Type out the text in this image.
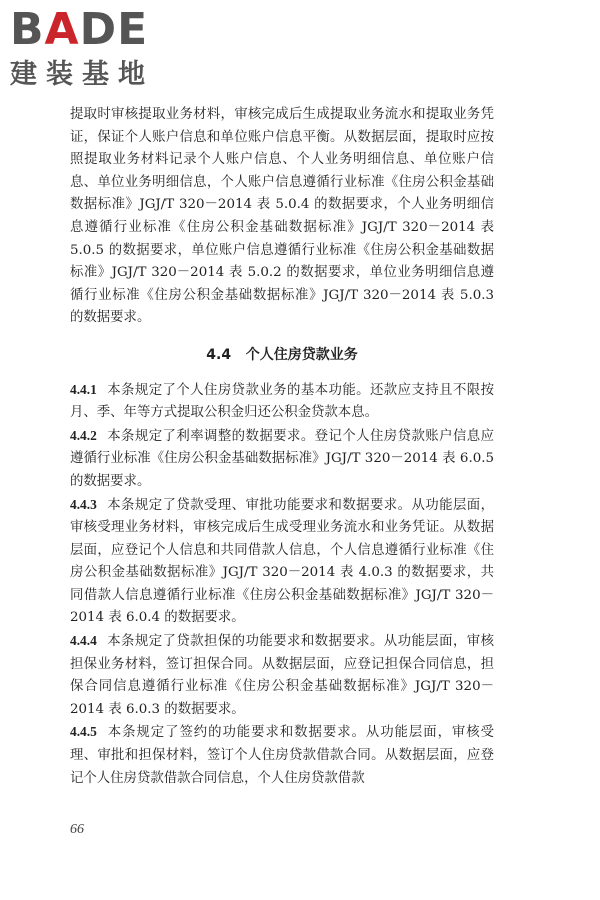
B A DE
建装基地

提取时审核提取业务材料，审核完成后生成提取业务流水和提取业务凭证，保证个人账户信息和单位账户信息平衡。从数据层面，提取时应按照提取业务材料记录个人账户信息、个人业务明细信息、单位账户信息、单位业务明细信息，个人账户信息遵循行业标准《住房公积金基础数据标准》JGJ/T 320－2014 表 5.0.4 的数据要求，个人业务明细信息遵循行业标准《住房公积金基础数据标准》JGJ/T 320－2014 表 5.0.5 的数据要求，单位账户信息遵循行业标准《住房公积金基础数据标准》JGJ/T 320－2014 表 5.0.2 的数据要求，单位业务明细信息遵循行业标准《住房公积金基础数据标准》JGJ/T 320－2014 表 5.0.3 的数据要求。

4.4 个人住房贷款业务

4.4.1 本条规定了个人住房贷款业务的基本功能。还款应支持且不限按月、季、年等方式提取公积金归还公积金贷款本息。

4.4.2 本条规定了利率调整的数据要求。登记个人住房贷款账户信息应遵循行业标准《住房公积金基础数据标准》JGJ/T 320－2014 表 6.0.5 的数据要求。

4.4.3 本条规定了贷款受理、审批功能要求和数据要求。从功能层面，审核受理业务材料，审核完成后生成受理业务流水和业务凭证。从数据层面，应登记个人信息和共同借款人信息，个人信息遵循行业标准《住房公积金基础数据标准》JGJ/T 320－2014 表 4.0.3 的数据要求，共同借款人信息遵循行业标准《住房公积金基础数据标准》JGJ/T 320－2014 表 6.0.4 的数据要求。

4.4.4 本条规定了贷款担保的功能要求和数据要求。从功能层面，审核担保业务材料，签订担保合同。从数据层面，应登记担保合同信息，担保合同信息遵循行业标准《住房公积金基础数据标准》JGJ/T 320－2014 表 6.0.3 的数据要求。

4.4.5 本条规定了签约的功能要求和数据要求。从功能层面，审核受理、审批和担保材料，签订个人住房贷款借款合同。从数据层面，应登记个人住房贷款借款合同信息，个人住房贷款借款

66
